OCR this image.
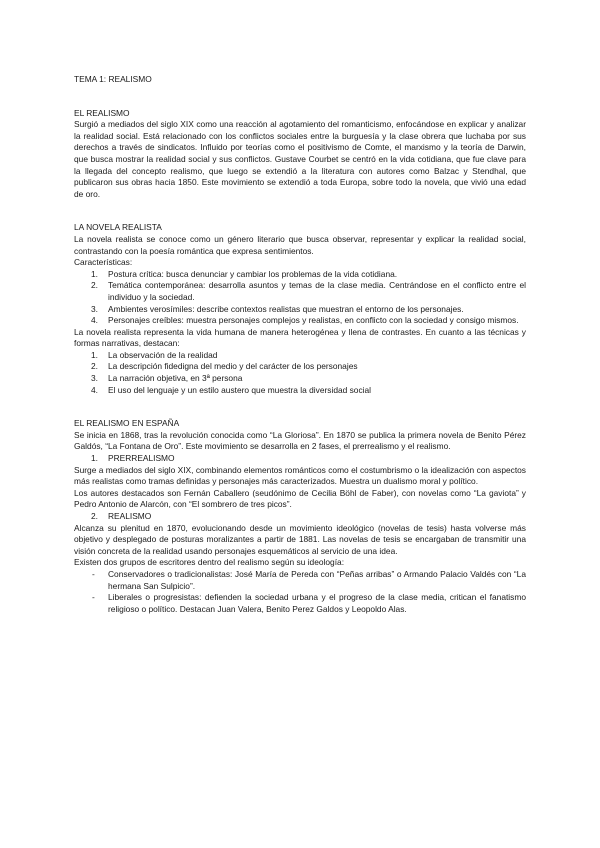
TEMA 1: REALISMO

EL REALISMO

Surgió a mediados del siglo XIX como una reacción al agotamiento del romanticismo, enfocándose en explicar y analizar la realidad social. Está relacionado con los conflictos sociales entre la burguesía y la clase obrera que luchaba por sus derechos a través de sindicatos. Influido por teorías como el positivismo de Comte, el marxismo y la teoría de Darwin, que busca mostrar la realidad social y sus conflictos. Gustave Courbet se centró en la vida cotidiana, que fue clave para la llegada del concepto realismo, que luego se extendió a la literatura con autores como Balzac y Stendhal, que publicaron sus obras hacia 1850. Este movimiento se extendió a toda Europa, sobre todo la novela, que vivió una edad de oro.

LA NOVELA REALISTA

La novela realista se conoce como un género literario que busca observar, representar y explicar la realidad social, contrastando con la poesía romántica que expresa sentimientos.

Características:

1.	Postura crítica: busca denunciar y cambiar los problemas de la vida cotidiana.
2.	Temática contemporánea: desarrolla asuntos y temas de la clase media. Centrándose en el conflicto entre el individuo y la sociedad.
3.	Ambientes verosímiles: describe contextos realistas que muestran el entorno de los personajes.
4.	Personajes creíbles: muestra personajes complejos y realistas, en conflicto con la sociedad y consigo mismos.

La novela realista representa la vida humana de manera heterogénea y llena de contrastes. En cuanto a las técnicas y formas narrativas, destacan:

1.	La observación de la realidad
2.	La descripción fidedigna del medio y del carácter de los personajes
3.	La narración objetiva, en 3ª persona
4.	El uso del lenguaje y un estilo austero que muestra la diversidad social

EL REALISMO EN ESPAÑA

Se inicia en 1868, tras la revolución conocida como “La Gloriosa”. En 1870 se publica la primera novela de Benito Pérez Galdós, “La Fontana de Oro”. Este movimiento se desarrolla en 2 fases, el prerrealismo y el realismo.

1.	PRERREALISMO

Surge a mediados del siglo XIX, combinando elementos románticos como el costumbrismo o la idealización con aspectos más realistas como tramas definidas y personajes más caracterizados. Muestra un dualismo moral y político.

Los autores destacados son Fernán Caballero (seudónimo de Cecilia Böhl de Faber), con novelas como “La gaviota” y Pedro Antonio de Alarcón, con “El sombrero de tres picos”.

2.	REALISMO

Alcanza su plenitud en 1870, evolucionando desde un movimiento ideológico (novelas de tesis) hasta volverse más objetivo y desplegado de posturas moralizantes a partir de 1881. Las novelas de tesis se encargaban de transmitir una visión concreta de la realidad usando personajes esquemáticos al servicio de una idea.

Existen dos grupos de escritores dentro del realismo según su ideología:

-	Conservadores o tradicionalistas: José María de Pereda con “Peñas arribas” o Armando Palacio Valdés con “La hermana San Sulpicio”.
-	Liberales o progresistas: defienden la sociedad urbana y el progreso de la clase media, critican el fanatismo religioso o político. Destacan Juan Valera, Benito Perez Galdos y Leopoldo Alas.
